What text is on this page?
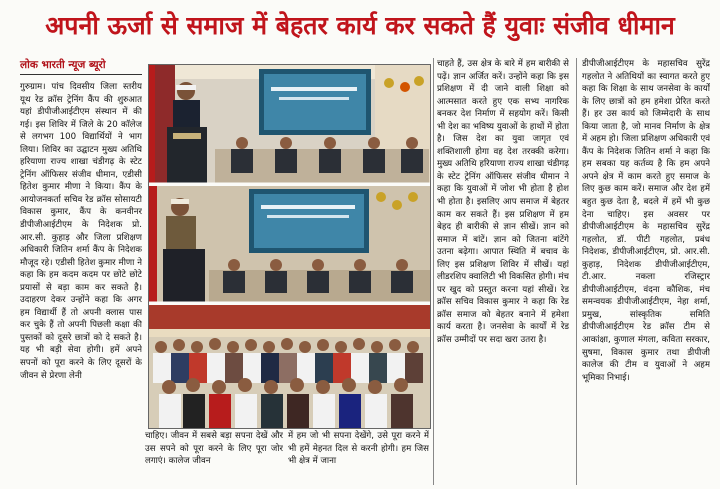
अपनी ऊर्जा से समाज में बेहतर कार्य कर सकते हैं युवाः संजीव धीमान
लोक भारती न्यूज ब्यूरो

गुरुग्राम। पांच दिवसीय जिला स्तरीय यूथ रेड क्रॉस ट्रेनिंग कैंप की शुरुआत यहां डीपीजीआईटीएम संस्थान में की गई। इस शिविर में जिले के 20 कॉलेज से लगभग 100 विद्यार्थियों ने भाग लिया। शिविर का उद्घाटन मुख्य अतिथि हरियाणा राज्य शाखा चंडीगढ़ के स्टेट ट्रेनिंग ऑफिसर संजीव धीमान, एडीसी हितेश कुमार मीणा ने किया। कैंप के आयोजनकर्ता सचिव रेड क्रॉस सोसायटी विकास कुमार, कैंप के कनवीनर डीपीजीआईटीएम के निदेशक प्रो. आर.सी. कुहाड़ और जिला प्रशिक्षण अधिकारी जितिन शर्मा कैंप के निदेशक मौजूद रहे। एडीसी हितेश कुमार मीणा ने कहा कि हम कदम कदम पर छोटे छोटे प्रयासों से बड़ा काम कर सकते है। उदाहरण देकर उन्होंने कहा कि अगर हम विद्यार्थी हैं तो अपनी क्लास पास कर चुके हैं तो अपनी पिछली कक्षा की पुस्तकों को दूसरे छात्रों को दे सकते है। यह भी बड़ी सेवा होगी। हमें अपने सपनों को पूरा करने के लिए दूसरों के जीवन से प्रेरणा लेनी

चाहिए। जीवन में सबसे बड़ा सपना देखें और उस सपने को पूरा करने के लिए पूरा जोर लगाएं। कालेज जीवन

में हम जो भी सपना देखेंगे, उसे पूरा करने में भी हमें मेहनत दिल से करनी होगी। हम जिस भी क्षेत्र में जाना

चाहते हैं, उस क्षेत्र के बारे में हम बारीकी से पढ़ें। ज्ञान अर्जित करें। उन्होंने कहा कि इस प्रशिक्षण में दी जाने वाली शिक्षा को आत्मसात करते हुए एक सभ्य नागरिक बनकर देश निर्माण में सहयोग करें। किसी भी देश का भविष्य युवाओं के हाथों में होता है। जिस देश का युवा जागृत एवं शक्तिशाली होगा वह देश तरक्की करेगा। मुख्य अतिथि हरियाणा राज्य शाखा चंडीगढ़ के स्टेट ट्रेनिंग ऑफिसर संजीव धीमान ने कहा कि युवाओं में जोश भी होता है होश भी होता है। इसलिए आप समाज में बेहतर काम कर सकते हैं। इस प्रशिक्षण में हम बेहद ही बारीकी से ज्ञान सीखें। ज्ञान को समाज में बांटें। ज्ञान को जितना बांटेंगे उतना बढ़ेगा। आपात स्थिति में बचाव के लिए इस प्रशिक्षण शिविर में सीखें। यहां लीडरशिप क्वालिटी भी विकसित होगी। मंच पर खुद को प्रस्तुत करना यहां सीखें। रेड क्रॉस सचिव विकास कुमार ने कहा कि रेड क्रॉस समाज को बेहतर बनाने में हमेशा कार्य करता है। जनसेवा के कार्यों में रेड क्रॉस उम्मीदों पर सदा खरा उतरा है।

डीपीजीआईटीएम के महासचिव सुरेंद्र गहलोत ने अतिथियों का स्वागत करते हुए कहा कि शिक्षा के साथ जनसेवा के कार्यों के लिए छात्रों को हम हमेशा प्रेरित करते हैं। हर उस कार्य को जिम्मेदारी के साथ किया जाता है, जो मानव निर्माण के क्षेत्र में अहम हो। जिला प्रशिक्षण अधिकारी एवं कैंप के निदेशक जितिन शर्मा ने कहा कि हम सबका यह कर्तव्य है कि हम अपने अपने क्षेत्र में काम करते हुए समाज के लिए कुछ काम करें। समाज और देश हमें बहुत कुछ देता है, बदले में हमें भी कुछ देना चाहिए। इस अवसर पर डीपीजीआईटीएम के महासचिव सुरेंद्र गहलोत, डॉ. पीटी गहलोत, प्रबंध निदेशक, डीपीजीआईटीएम, प्रो. आर.सी. कुहाड़, निदेशक डीपीजीआईटीएम, टी.आर. नकला रजिस्ट्रार डीपीजीआईटीएम, वंदना कौशिक, मंच समन्वयक डीपीजीआईटीएम, नेहा शर्मा, प्रमुख, सांस्कृतिक समिति डीपीजीआईटीएम रेड क्रॉस टीम से आकांक्षा, कुणाल मंगला, कविता सरकार, सुषमा, विकास कुमार तथा डीपीजी कालेज की टीम व युवाओं ने अहम भूमिका निभाई।
